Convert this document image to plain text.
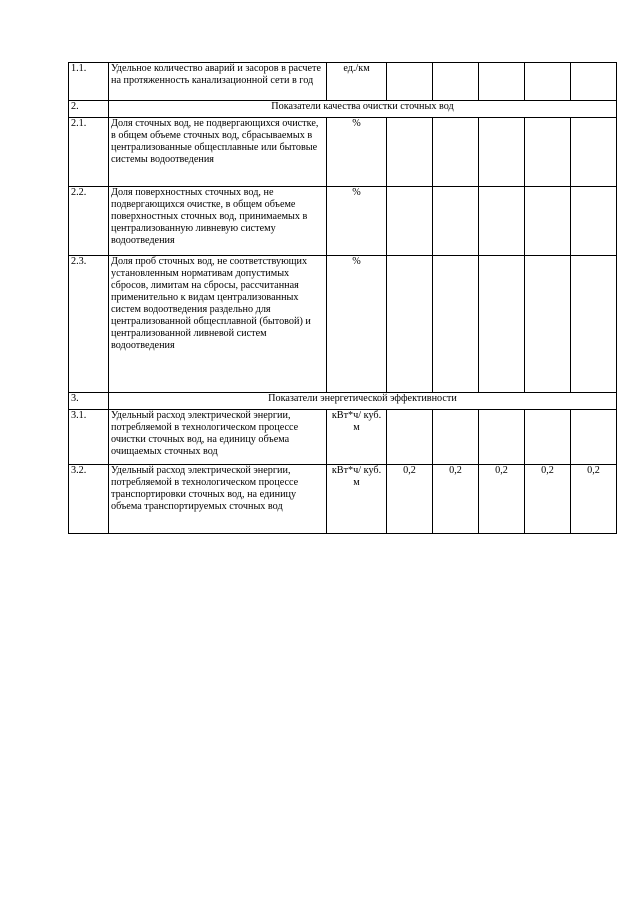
1.1.	Удельное количество аварий и засоров в расчете на протяженность канализационной сети в год	ед./км					
2.	Показатели качества очистки сточных вод						
2.1.	Доля сточных вод, не подвергающихся очистке, в общем объеме сточных вод, сбрасываемых в централизованные общесплавные или бытовые системы водоотведения	%					
2.2.	Доля поверхностных сточных вод, не подвергающихся очистке, в общем объеме поверхностных сточных вод, принимаемых в централизованную ливневую систему водоотведения	%					
2.3.	Доля проб сточных вод, не соответствующих установленным нормативам допустимых сбросов, лимитам на сбросы, рассчитанная применительно к видам централизованных систем водоотведения раздельно для централизованной общесплавной (бытовой) и централизованной ливневой систем водоотведения	%					
3.	Показатели энергетической эффективности						
3.1.	Удельный расход электрической энергии, потребляемой в технологическом процессе очистки сточных вод, на единицу объема очищаемых сточных вод	кВт*ч/ куб. м					
3.2.	Удельный расход электрической энергии, потребляемой в технологическом процессе транспортировки сточных вод, на единицу объема транспортируемых сточных вод	кВт*ч/ куб. м	0,2	0,2	0,2	0,2	0,2
